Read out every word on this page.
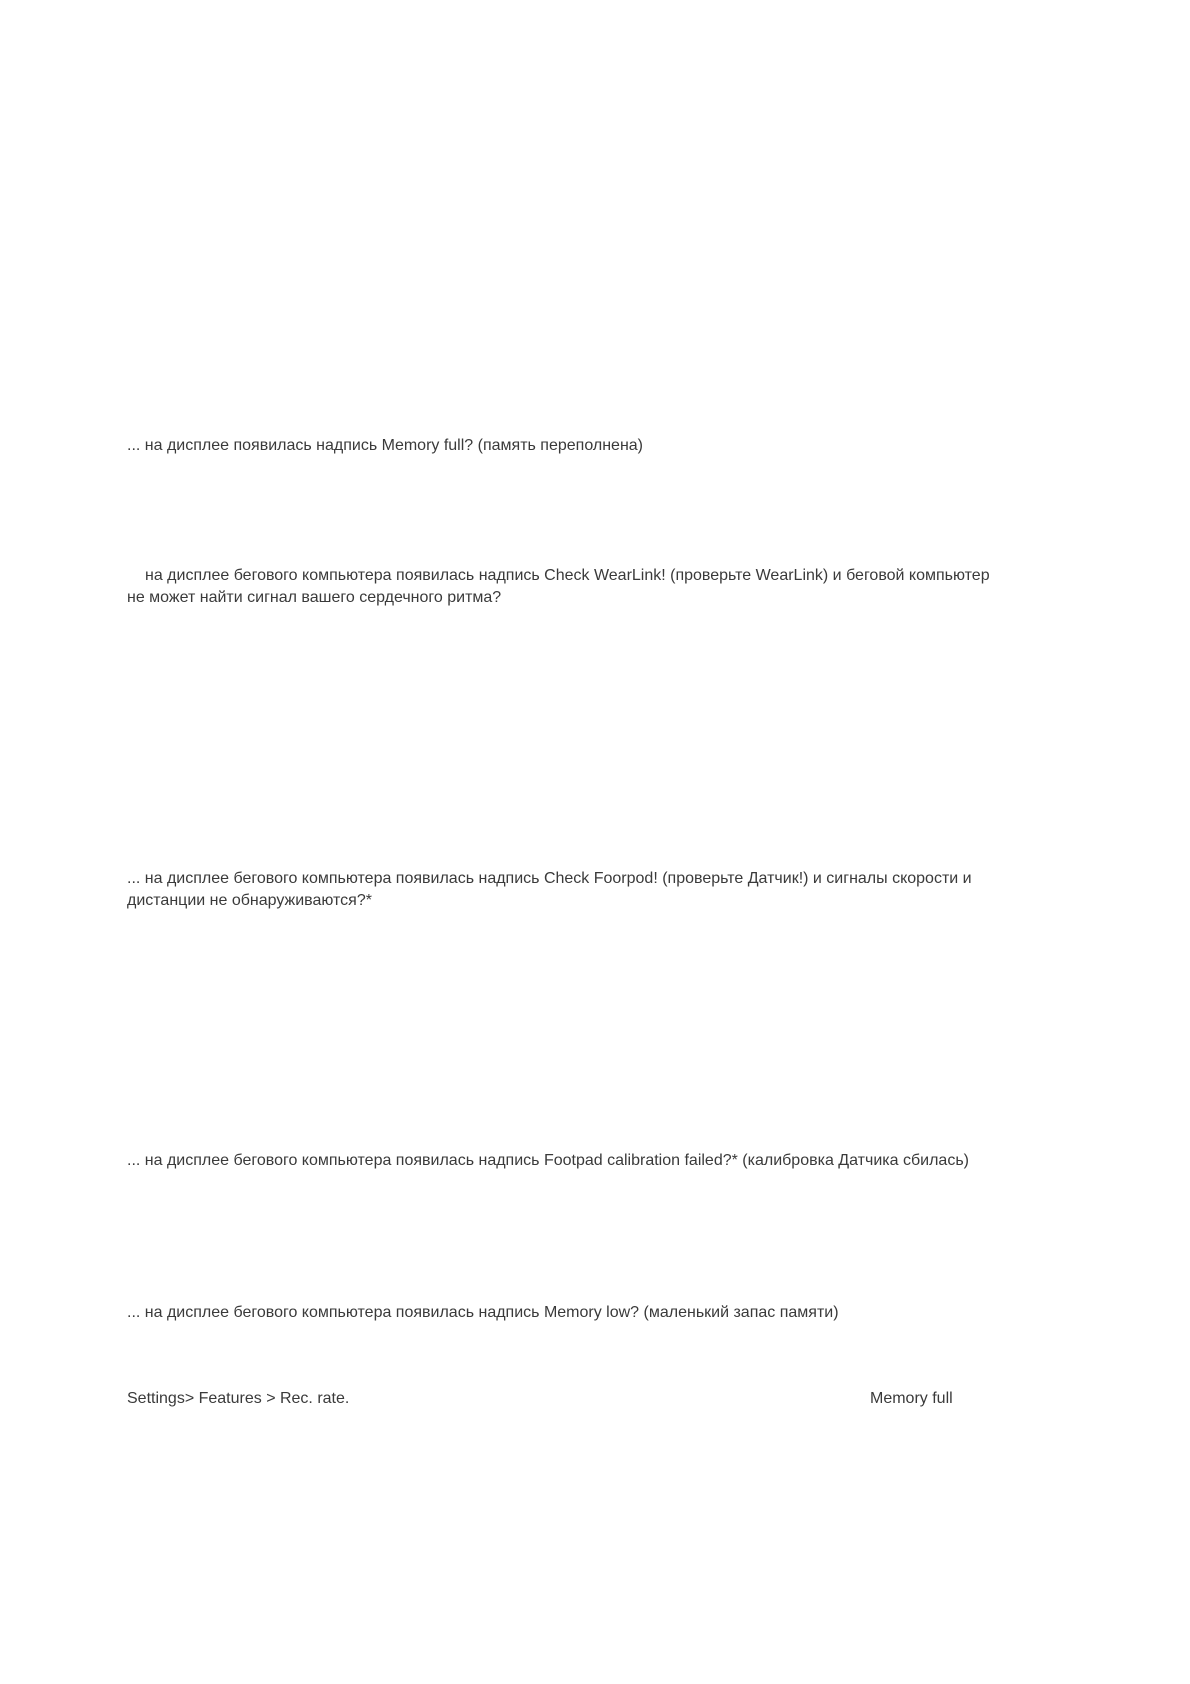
... на дисплее появилась надпись Memory full? (память переполнена)

на дисплее бегового компьютера появилась надпись Check WearLink! (проверьте WearLink) и беговой компьютер
не может найти сигнал вашего сердечного ритма?
... на дисплее бегового компьютера появилась надпись Check Foorpod! (проверьте Датчик!) и сигналы скорости и
дистанции не обнаруживаются?*

... на дисплее бегового компьютера появилась надпись Footpad calibration failed?* (калибровка Датчика сбилась)

... на дисплее бегового компьютера появилась надпись Memory low? (маленький запас памяти)

Settings> Features > Rec. rate.	Memory full
